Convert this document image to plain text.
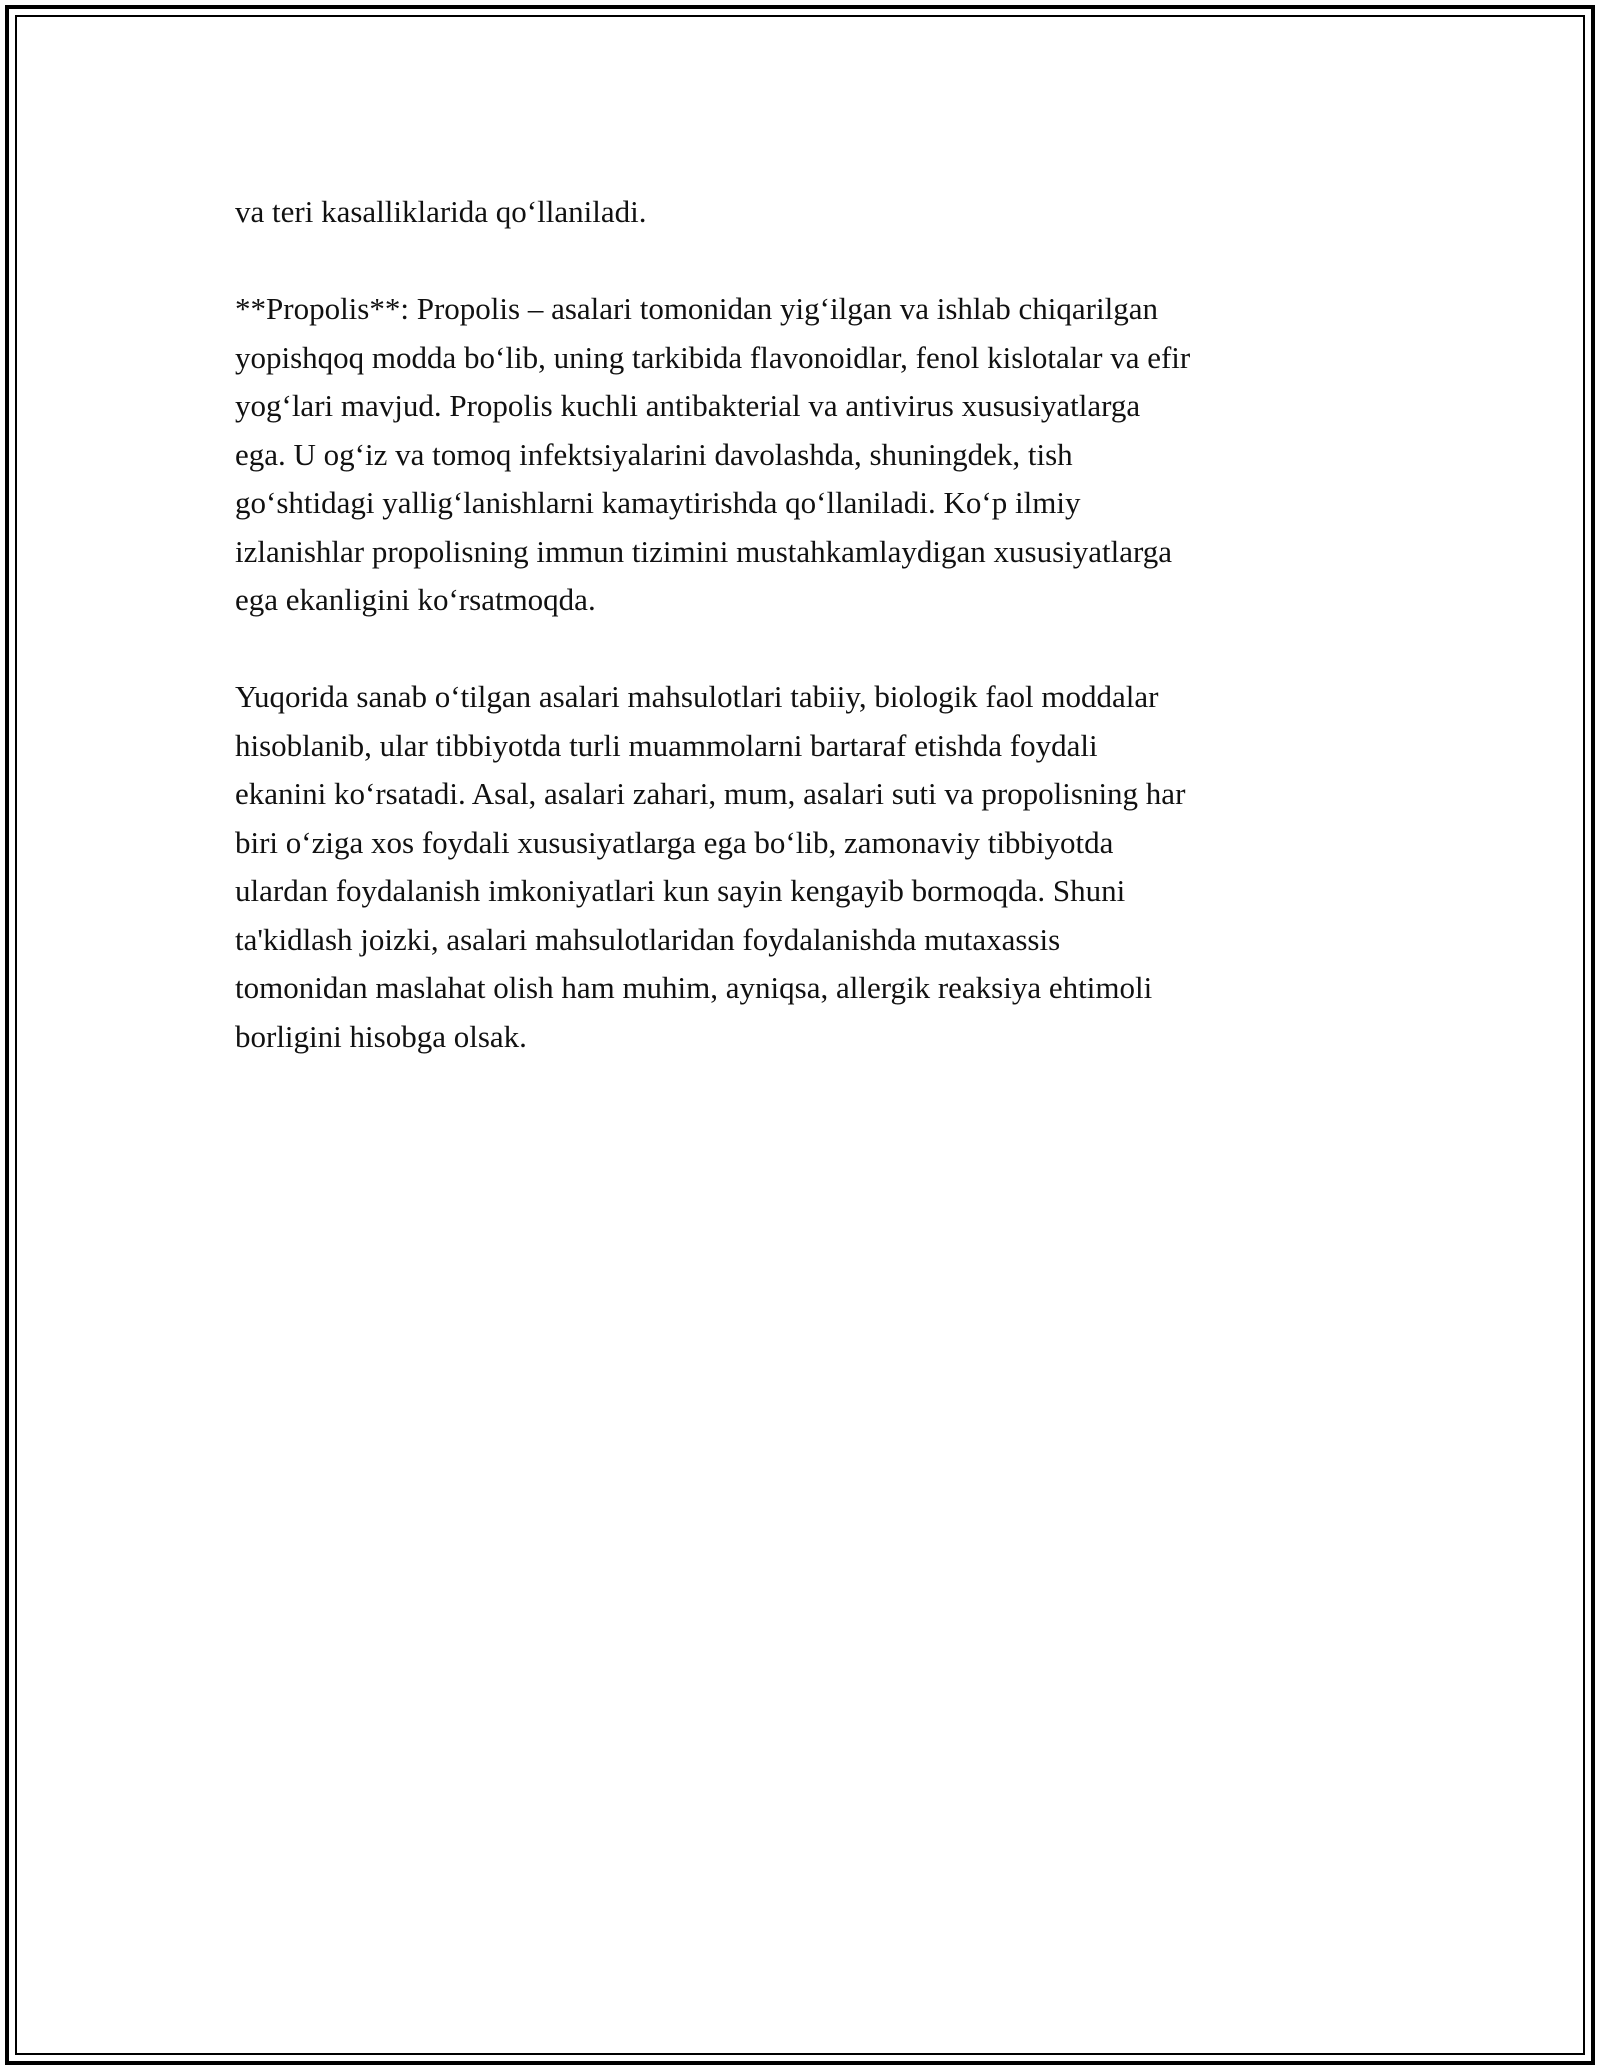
va teri kasalliklarida qo‘llaniladi.

**Propolis**: Propolis – asalari tomonidan yig‘ilgan va ishlab chiqarilgan
yopishqoq modda bo‘lib, uning tarkibida flavonoidlar, fenol kislotalar va efir
yog‘lari mavjud. Propolis kuchli antibakterial va antivirus xususiyatlarga
ega. U og‘iz va tomoq infektsiyalarini davolashda, shuningdek, tish
go‘shtidagi yallig‘lanishlarni kamaytirishda qo‘llaniladi. Ko‘p ilmiy
izlanishlar propolisning immun tizimini mustahkamlaydigan xususiyatlarga
ega ekanligini ko‘rsatmoqda.

Yuqorida sanab o‘tilgan asalari mahsulotlari tabiiy, biologik faol moddalar
hisoblanib, ular tibbiyotda turli muammolarni bartaraf etishda foydali
ekanini ko‘rsatadi. Asal, asalari zahari, mum, asalari suti va propolisning har
biri o‘ziga xos foydali xususiyatlarga ega bo‘lib, zamonaviy tibbiyotda
ulardan foydalanish imkoniyatlari kun sayin kengayib bormoqda. Shuni
ta'kidlash joizki, asalari mahsulotlaridan foydalanishda mutaxassis
tomonidan maslahat olish ham muhim, ayniqsa, allergik reaksiya ehtimoli
borligini hisobga olsak.
